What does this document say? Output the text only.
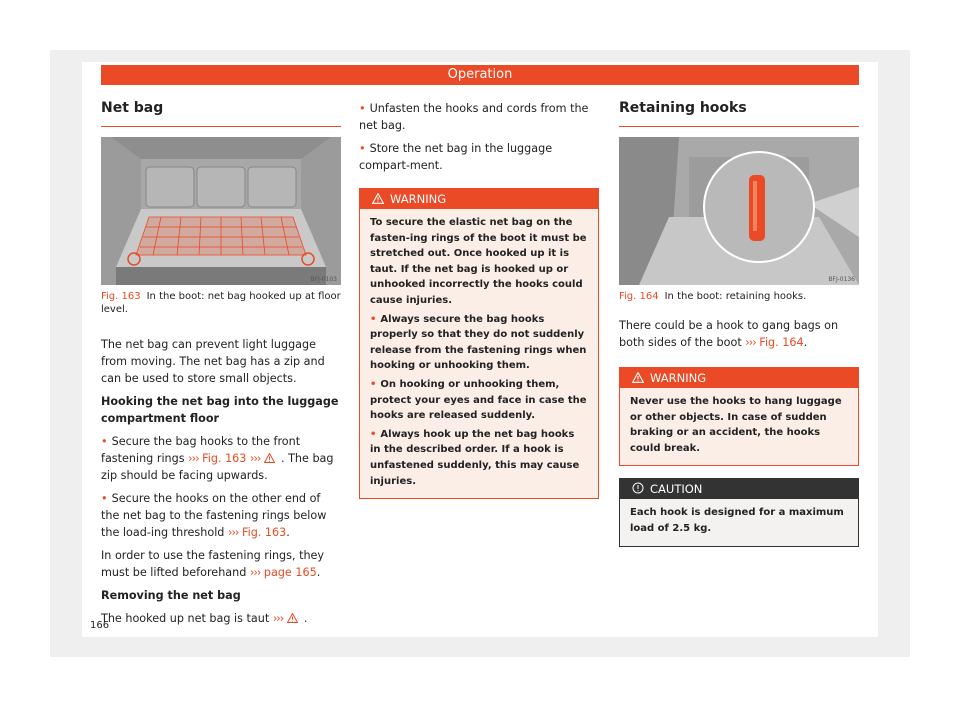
Operation
Net bag
BFJ-0103
Fig. 163 In the boot: net bag hooked up at floor level.

The net bag can prevent light luggage from moving. The net bag has a zip and can be used to store small objects.

Hooking the net bag into the luggage compartment floor

• Secure the bag hooks to the front fastening rings ››› Fig. 163 ››› . The bag zip should be facing upwards.

• Secure the hooks on the other end of the net bag to the fastening rings below the load-ing threshold ››› Fig. 163.

In order to use the fastening rings, they must be lifted beforehand ››› page 165.

Removing the net bag

The hooked up net bag is taut ››› .

• Unfasten the hooks and cords from the net bag.

• Store the net bag in the luggage compart-ment.

WARNING

To secure the elastic net bag on the fasten-ing rings of the boot it must be stretched out. Once hooked up it is taut. If the net bag is hooked up or unhooked incorrectly the hooks could cause injuries.

• Always secure the bag hooks properly so that they do not suddenly release from the fastening rings when hooking or unhooking them.

• On hooking or unhooking them, protect your eyes and face in case the hooks are released suddenly.

• Always hook up the net bag hooks in the described order. If a hook is unfastened suddenly, this may cause injuries.

Retaining hooks
BFJ-0136
Fig. 164 In the boot: retaining hooks.

There could be a hook to gang bags on both sides of the boot ››› Fig. 164.

WARNING

Never use the hooks to hang luggage or other objects. In case of sudden braking or an accident, the hooks could break.

CAUTION

Each hook is designed for a maximum load of 2.5 kg.

166
